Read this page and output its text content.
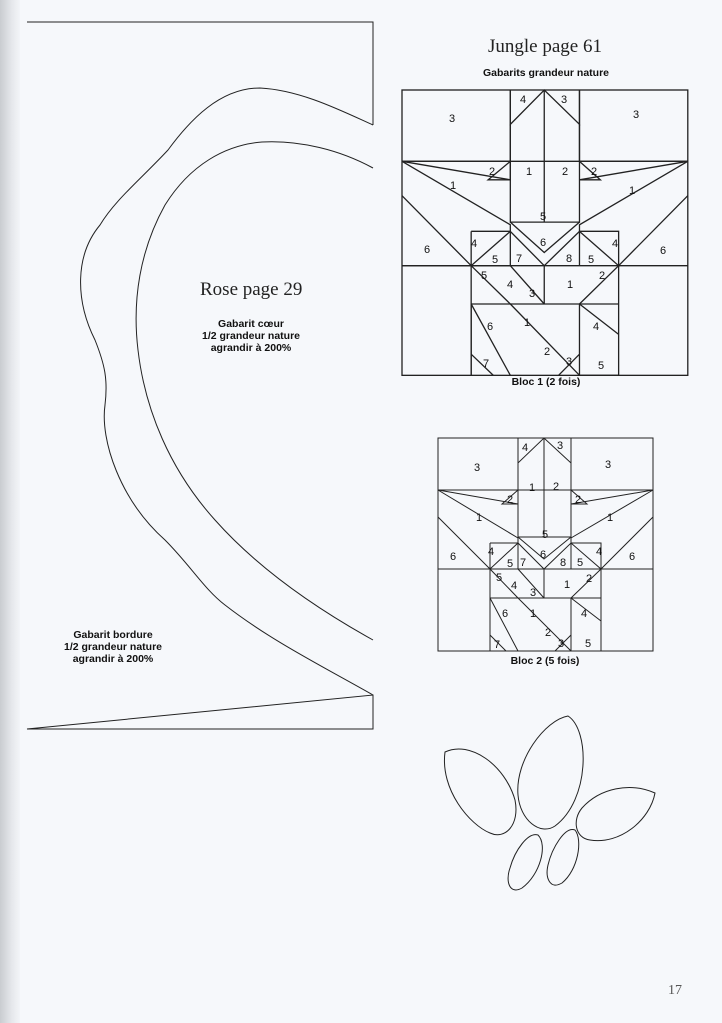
3
4	3
3
1
2	1	2 2
1
5
6	4
5
6
7	8 5
4
6
5
4
3
1
2
6	1	4
2
7	3 5
3
4	3
3
1 2
2	2
1	1
5
6	4
5 7
6
8 5
4 6
5
4
3
1 2
6 1	4
2
7	3 5
Rose page 29
Gabarit cœur
1/2 grandeur nature
agrandir à 200%
Gabarit bordure
1/2 grandeur nature
agrandir à 200%
Jungle page 61
Gabarits grandeur nature
Bloc 1 (2 fois)
Bloc 2 (5 fois)
17
